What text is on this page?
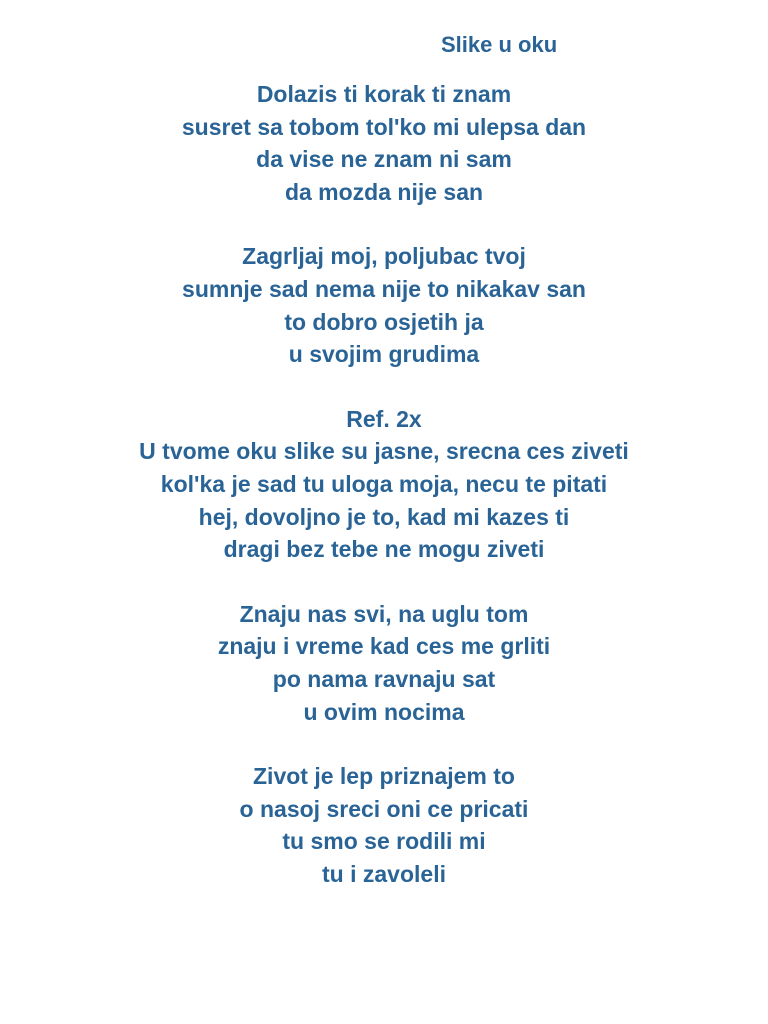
Slike u oku
Dolazis ti korak ti znam
susret sa tobom tol'ko mi ulepsa dan
da vise ne znam ni sam
da mozda nije san
Zagrljaj moj, poljubac tvoj
sumnje sad nema nije to nikakav san
to dobro osjetih ja
u svojim grudima
Ref. 2x
U tvome oku slike su jasne, srecna ces ziveti
kol'ka je sad tu uloga moja, necu te pitati
hej, dovoljno je to, kad mi kazes ti
dragi bez tebe ne mogu ziveti
Znaju nas svi, na uglu tom
znaju i vreme kad ces me grliti
po nama ravnaju sat
u ovim nocima
Zivot je lep priznajem to
o nasoj sreci oni ce pricati
tu smo se rodili mi
tu i zavoleli
